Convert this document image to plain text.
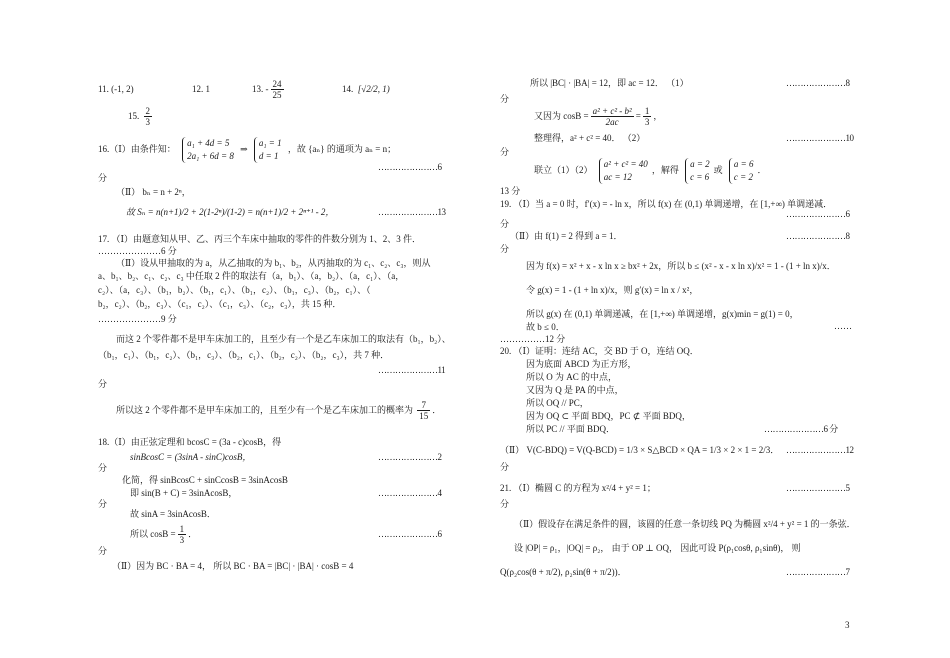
11. (-1, 2)	12. 1	13. - $\frac{24}{25}$	14. [√2/2, 1)
15. $\frac{2}{3}$
16.（Ⅰ）由条件知： a₁ + 4d = 5
2a₁ + 6d = 8 ⇒ a₁ = 1
d = 1 ，故 {aₙ} 的通项为 aₙ = n；
…………………6
分
（Ⅱ） bₙ = n + 2ⁿ，
故 Sₙ = n(n+1)/2 + 2(1-2ⁿ)/(1-2) = n(n+1)/2 + 2ⁿ⁺¹ - 2，	…………………13
17. （Ⅰ）由题意知从甲、乙、丙三个车床中抽取的零件的件数分别为 1、2、3 件．
…………………6 分
（Ⅱ）设从甲抽取的为 a，从乙抽取的为 b₁、b₂，从丙抽取的为 c₁、c₂、c₃，则从
a、b₁、b₂、c₁、c₂、c₃ 中任取 2 件的取法有（a，b₁）、（a，b₂）、（a，c₁）、（a，
c₂）、（a，c₃）、（b₁，b₂）、（b₁，c₁）、（b₁，c₂）、（b₁，c₃）、（b₂，c₁）、（
b₂，c₂）、（b₂，c₃）、（c₁，c₂）、（c₁，c₃）、（c₂，c₃），共 15 种．
…………………9 分
而这 2 个零件都不是甲车床加工的，且至少有一个是乙车床加工的取法有（b₁，b₂）、
（b₁，c₁）、（b₁，c₂）、（b₁，c₃）、（b₂，c₁）、（b₂，c₂）、（b₂，c₃），共 7 种．
…………………11
分
所以这 2 个零件都不是甲车床加工的，且至少有一个是乙车床加工的概率为 $\frac{7}{15}$ ．
18.（Ⅰ）由正弦定理和 bcosC = (3a - c)cosB，得
sinBcosC = (3sinA - sinC)cosB，	…………………2
分
化简，得 sinBcosC + sinCcosB = 3sinAcosB
即 sin(B + C) = 3sinAcosB，	…………………4
分
故 sinA = 3sinAcosB．
所以 $\cos B = \frac{1}{3}$ ．	…………………6
分
（Ⅱ）因为 BC · BA = 4， 所以 BC · BA = |BC| · |BA| · cosB = 4
所以 |BC| · |BA| = 12，即 ac = 12． （1）	…………………8
分
又因为 $\cos B = \frac{\text{a² + c² - b²}}{2ac} = \frac{1}{3}$ ，
整理得，a² + c² = 40． （2）	…………………10
分
联立（1）（2） a² + c² = 40
ac = 12，解得 a = 2
c = 6或 a = 6
c = 2．
13 分
19. （Ⅰ）当 a = 0 时，f′(x) = - ln x，所以 f(x) 在 (0,1) 单调递增，在 [1,+∞) 单调递减．
…………………6
分
（Ⅱ）由 f(1) = 2 得到 a = 1．	…………………8
分
因为 f(x) = x² + x - x ln x ≥ bx² + 2x，所以 b ≤ (x² - x - x ln x)/x² = 1 - (1 + ln x)/x．
令 g(x) = 1 - (1 + ln x)/x，则 g′(x) = ln x / x²，
所以 g(x) 在 (0,1) 单调递减，在 [1,+∞) 单调递增，g(x)min = g(1) = 0，
……
故 b ≤ 0．
……………12 分
20. （Ⅰ）证明：连结 AC，交 BD 于 O，连结 OQ．
因为底面 ABCD 为正方形，
所以 O 为 AC 的中点，
又因为 Q 是 PA 的中点，
所以 OQ // PC，
因为 OQ ⊂ 平面 BDQ，PC ⊄ 平面 BDQ，
所以 PC // 平面 BDQ．	…………………6 分
（Ⅱ） V(C-BDQ) = V(Q-BCD) = 1/3 × S△BCD × QA = 1/3 × 2 × 1 = 2/3． …………………12
分
21. （Ⅰ）椭圆 C 的方程为 x²/4 + y² = 1；	…………………5
分
（Ⅱ）假设存在满足条件的圆，该圆的任意一条切线 PQ 为椭圆 x²/4 + y² = 1 的一条弦．
设 |OP| = ρ₁，|OQ| = ρ₂， 由于 OP ⊥ OQ， 因此可设 P(ρ₁cosθ, ρ₁sinθ)， 则
Q(ρ₂cos(θ + π/2), ρ₂sin(θ + π/2))．	…………………7
3
